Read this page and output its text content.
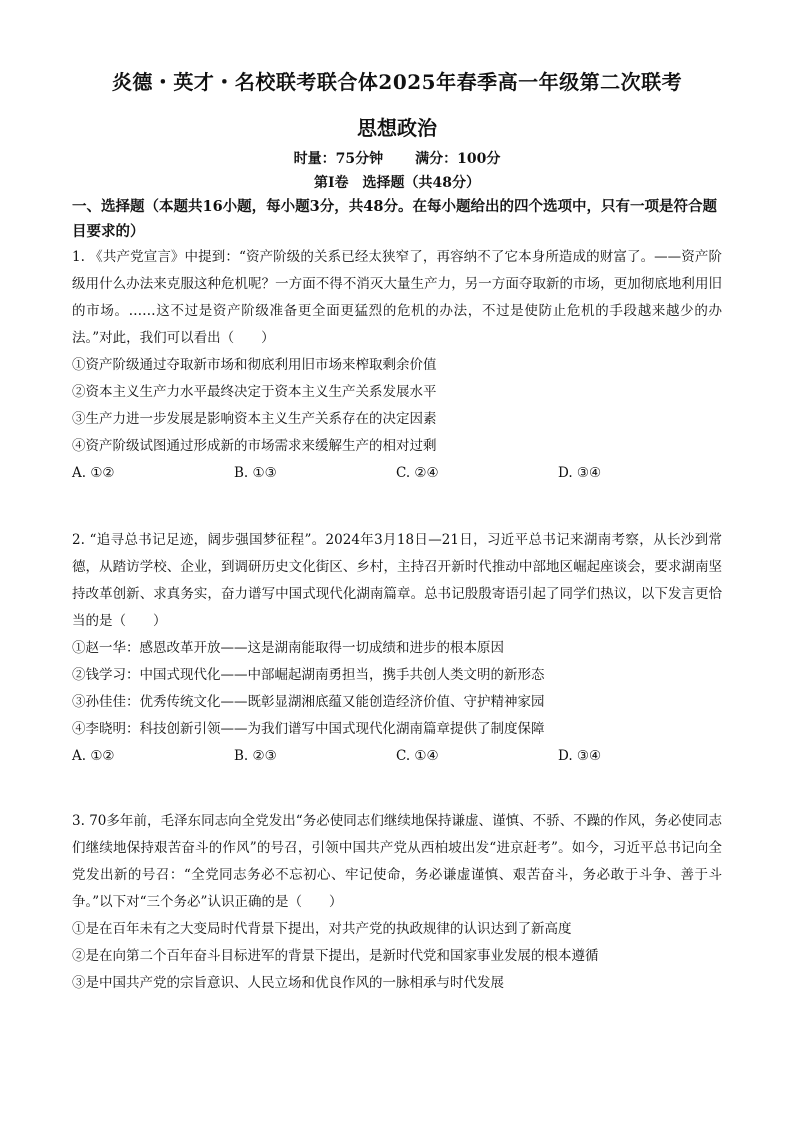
炎德・英才・名校联考联合体2025年春季高一年级第二次联考
思想政治
时量：75分钟 满分：100分
第Ⅰ卷　选择题（共48分）
一、选择题（本题共16小题，每小题3分，共48分。在每小题给出的四个选项中，只有一项是符合题目要求的）
1. 《共产党宣言》中提到：“资产阶级的关系已经太狭窄了，再容纳不了它本身所造成的财富了。——资产阶级用什么办法来克服这种危机呢？一方面不得不消灭大量生产力，另一方面夺取新的市场，更加彻底地利用旧的市场。……这不过是资产阶级准备更全面更猛烈的危机的办法，不过是使防止危机的手段越来越少的办法。”对此，我们可以看出（　　）
①资产阶级通过夺取新市场和彻底利用旧市场来榨取剩余价值
②资本主义生产力水平最终决定于资本主义生产关系发展水平
③生产力进一步发展是影响资本主义生产关系存在的决定因素
④资产阶级试图通过形成新的市场需求来缓解生产的相对过剩
A. ①②	B. ①③	C. ②④	D. ③④
2. “追寻总书记足迹，阔步强国梦征程”。2024年3月18日—21日，习近平总书记来湖南考察，从长沙到常德，从踏访学校、企业，到调研历史文化街区、乡村，主持召开新时代推动中部地区崛起座谈会，要求湖南坚持改革创新、求真务实，奋力谱写中国式现代化湖南篇章。总书记殷殷寄语引起了同学们热议，以下发言更恰当的是（　　）
①赵一华：感恩改革开放——这是湖南能取得一切成绩和进步的根本原因
②钱学习：中国式现代化——中部崛起湖南勇担当，携手共创人类文明的新形态
③孙佳佳：优秀传统文化——既彰显湖湘底蕴又能创造经济价值、守护精神家园
④李晓明：科技创新引领——为我们谱写中国式现代化湖南篇章提供了制度保障
A. ①②	B. ②③	C. ①④	D. ③④
3. 70多年前，毛泽东同志向全党发出“务必使同志们继续地保持谦虚、谨慎、不骄、不躁的作风，务必使同志们继续地保持艰苦奋斗的作风”的号召，引领中国共产党从西柏坡出发“进京赶考”。如今，习近平总书记向全党发出新的号召：“全党同志务必不忘初心、牢记使命，务必谦虚谨慎、艰苦奋斗，务必敢于斗争、善于斗争。”以下对“三个务必”认识正确的是（　　）
①是在百年未有之大变局时代背景下提出，对共产党的执政规律的认识达到了新高度
②是在向第二个百年奋斗目标进军的背景下提出，是新时代党和国家事业发展的根本遵循
③是中国共产党的宗旨意识、人民立场和优良作风的一脉相承与时代发展
